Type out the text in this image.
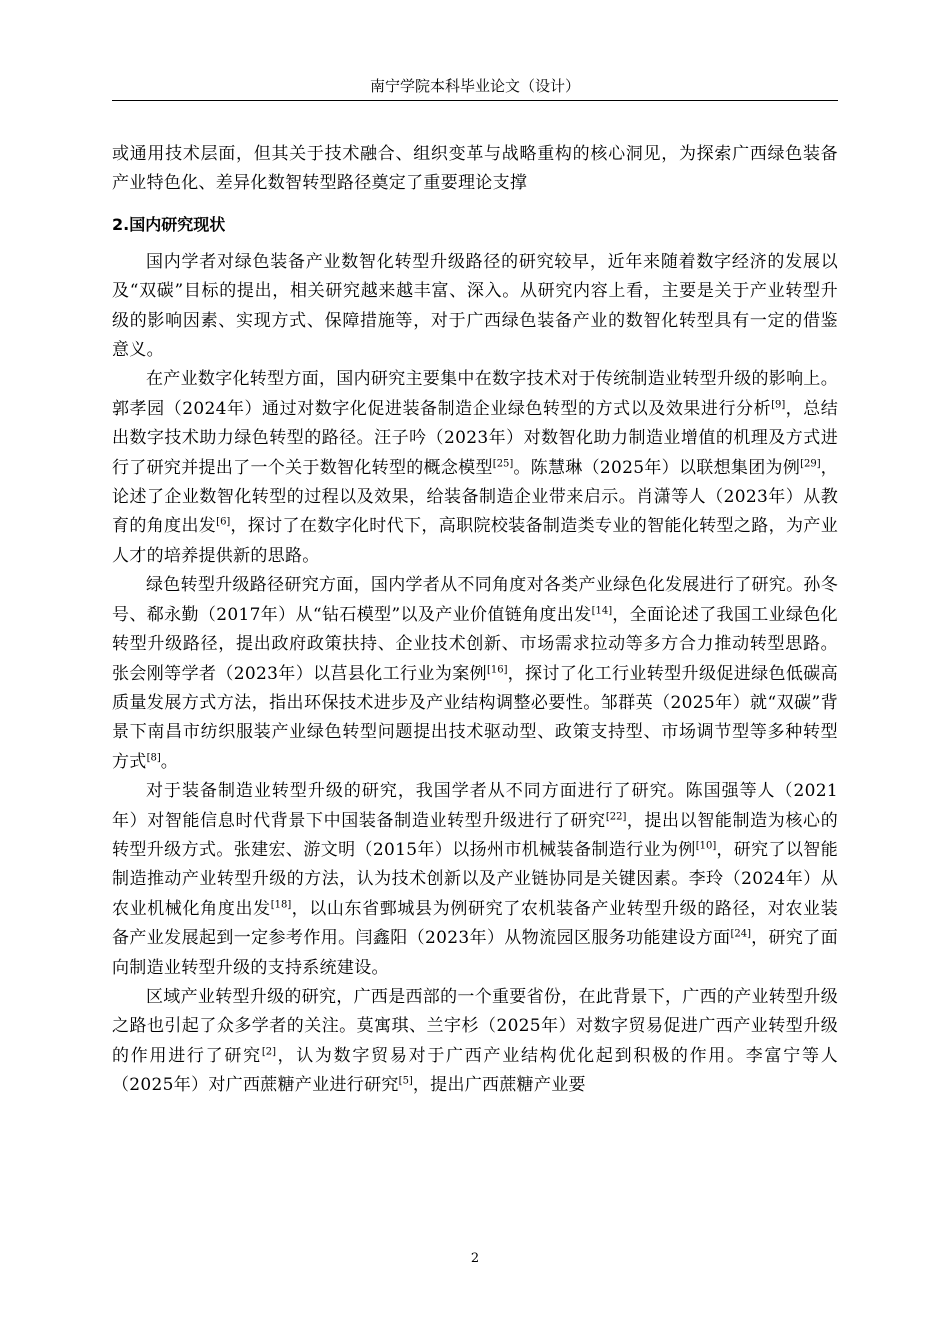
南宁学院本科毕业论文（设计）

或通用技术层面，但其关于技术融合、组织变革与战略重构的核心洞见，为探索广西绿色装备产业特色化、差异化数智转型路径奠定了重要理论支撑

2.国内研究现状

国内学者对绿色装备产业数智化转型升级路径的研究较早，近年来随着数字经济的发展以及“双碳”目标的提出，相关研究越来越丰富、深入。从研究内容上看，主要是关于产业转型升级的影响因素、实现方式、保障措施等，对于广西绿色装备产业的数智化转型具有一定的借鉴意义。

在产业数字化转型方面，国内研究主要集中在数字技术对于传统制造业转型升级的影响上。郭孝园（2024年）通过对数字化促进装备制造企业绿色转型的方式以及效果进行分析[9]，总结出数字技术助力绿色转型的路径。汪子吟（2023年）对数智化助力制造业增值的机理及方式进行了研究并提出了一个关于数智化转型的概念模型[25]。陈慧琳（2025年）以联想集团为例[29]，论述了企业数智化转型的过程以及效果，给装备制造企业带来启示。肖潇等人（2023年）从教育的角度出发[6]，探讨了在数字化时代下，高职院校装备制造类专业的智能化转型之路，为产业人才的培养提供新的思路。

绿色转型升级路径研究方面，国内学者从不同角度对各类产业绿色化发展进行了研究。孙冬号、郗永勤（2017年）从“钻石模型”以及产业价值链角度出发[14]，全面论述了我国工业绿色化转型升级路径，提出政府政策扶持、企业技术创新、市场需求拉动等多方合力推动转型思路。张会刚等学者（2023年）以莒县化工行业为案例[16]，探讨了化工行业转型升级促进绿色低碳高质量发展方式方法，指出环保技术进步及产业结构调整必要性。邹群英（2025年）就“双碳”背景下南昌市纺织服装产业绿色转型问题提出技术驱动型、政策支持型、市场调节型等多种转型方式[8]。

对于装备制造业转型升级的研究，我国学者从不同方面进行了研究。陈国强等人（2021年）对智能信息时代背景下中国装备制造业转型升级进行了研究[22]，提出以智能制造为核心的转型升级方式。张建宏、游文明（2015年）以扬州市机械装备制造行业为例[10]，研究了以智能制造推动产业转型升级的方法，认为技术创新以及产业链协同是关键因素。李玲（2024年）从农业机械化角度出发[18]，以山东省鄄城县为例研究了农机装备产业转型升级的路径，对农业装备产业发展起到一定参考作用。闫鑫阳（2023年）从物流园区服务功能建设方面[24]，研究了面向制造业转型升级的支持系统建设。

区域产业转型升级的研究，广西是西部的一个重要省份，在此背景下，广西的产业转型升级之路也引起了众多学者的关注。莫寓琪、兰宇杉（2025年）对数字贸易促进广西产业转型升级的作用进行了研究[2]，认为数字贸易对于广西产业结构优化起到积极的作用。李富宁等人（2025年）对广西蔗糖产业进行研究[5]，提出广西蔗糖产业要

2
